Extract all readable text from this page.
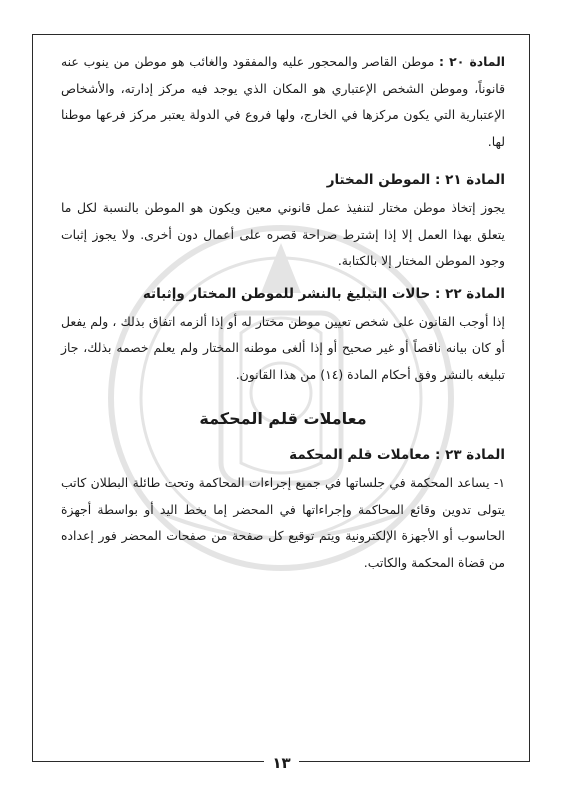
المادة ٢٠ : موطن القاصر والمحجور عليه والمفقود والغائب هو موطن من ينوب عنه قانوناً، وموطن الشخص الإعتباري هو المكان الذي يوجد فيه مركز إدارته، والأشخاص الإعتبارية التي يكون مركزها في الخارج، ولها فروع في الدولة يعتبر مركز فرعها موطنا لها.

المادة ٢١ : الموطن المختار

يجوز إتخاذ موطن مختار لتنفيذ عمل قانوني معين ويكون هو الموطن بالنسبة لكل ما يتعلق بهذا العمل إلا إذا إشترط صراحة قصره على أعمال دون أخرى. ولا يجوز إثبات وجود الموطن المختار إلا بالكتابة.

المادة ٢٢ : حالات التبليغ بالنشر للموطن المختار وإثباته

إذا أوجب القانون على شخص تعيين موطن مختار له أو إذا ألزمه اتفاق بذلك ، ولم يفعل أو كان بيانه ناقصاً أو غير صحيح أو إذا ألغى موطنه المختار ولم يعلم خصمه بذلك، جاز تبليغه بالنشر وفق أحكام المادة (١٤) من هذا القانون.

معاملات قلم المحكمة
المادة ٢٣ : معاملات قلم المحكمة

١- يساعد المحكمة في جلساتها في جميع إجراءات المحاكمة وتحت طائلة البطلان كاتب يتولى تدوين وقائع المحاكمة وإجراءاتها في المحضر إما بخط اليد أو بواسطة أجهزة الحاسوب أو الأجهزة الإلكترونية ويتم توقيع كل صفحة من صفحات المحضر فور إعداده من قضاة المحكمة والكاتب.

١٣
